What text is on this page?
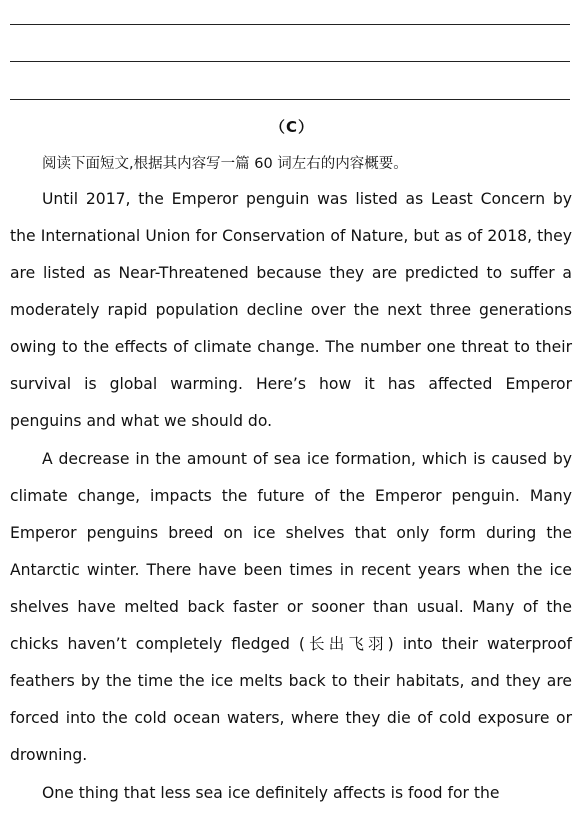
（C）
阅读下面短文,根据其内容写一篇 60 词左右的内容概要。

Until 2017, the Emperor penguin was listed as Least Concern by the International Union for Conservation of Nature, but as of 2018, they are listed as Near-Threatened because they are predicted to suffer a moderately rapid population decline over the next three generations owing to the effects of climate change. The number one threat to their survival is global warming. Here’s how it has affected Emperor penguins and what we should do.

A decrease in the amount of sea ice formation, which is caused by climate change, impacts the future of the Emperor penguin. Many Emperor penguins breed on ice shelves that only form during the Antarctic winter. There have been times in recent years when the ice shelves have melted back faster or sooner than usual. Many of the chicks haven’t completely fledged (长出飞羽) into their waterproof feathers by the time the ice melts back to their habitats, and they are forced into the cold ocean waters, where they die of cold exposure or drowning.

One thing that less sea ice definitely affects is food for the
